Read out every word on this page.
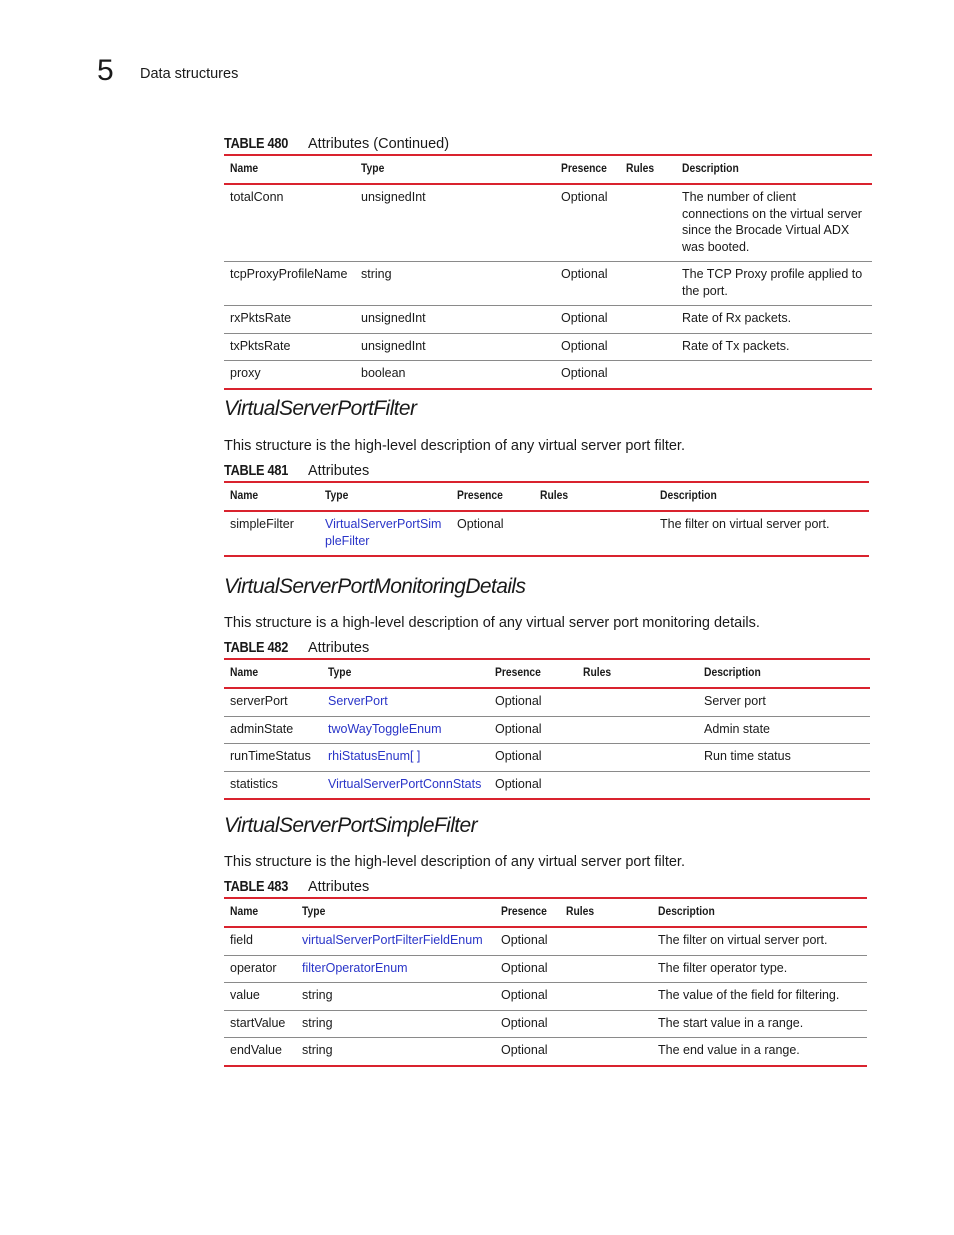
5 Data structures
TABLE 480	Attributes (Continued)
Name	Type	Presence	Rules	Description
totalConn	unsignedInt	Optional		The number of client connections on the virtual server since the Brocade Virtual ADX was booted.
tcpProxyProfileName	string	Optional		The TCP Proxy profile applied to the port.
rxPktsRate	unsignedInt	Optional		Rate of Rx packets.
txPktsRate	unsignedInt	Optional		Rate of Tx packets.
proxy	boolean	Optional		
VirtualServerPortFilter

This structure is the high-level description of any virtual server port filter.

TABLE 481	Attributes
Name	Type	Presence	Rules	Description
simpleFilter	VirtualServerPortSimpleFilter	Optional		The filter on virtual server port.
VirtualServerPortMonitoringDetails

This structure is a high-level description of any virtual server port monitoring details.

TABLE 482	Attributes
Name	Type	Presence	Rules	Description
serverPort	ServerPort	Optional		Server port
adminState	twoWayToggleEnum	Optional		Admin state
runTimeStatus	rhiStatusEnum[ ]	Optional		Run time status
statistics	VirtualServerPortConnStats	Optional		
VirtualServerPortSimpleFilter

This structure is the high-level description of any virtual server port filter.

TABLE 483	Attributes
Name	Type	Presence	Rules	Description
field	virtualServerPortFilterFieldEnum	Optional		The filter on virtual server port.
operator	filterOperatorEnum	Optional		The filter operator type.
value	string	Optional		The value of the field for filtering.
startValue	string	Optional		The start value in a range.
endValue	string	Optional		The end value in a range.
